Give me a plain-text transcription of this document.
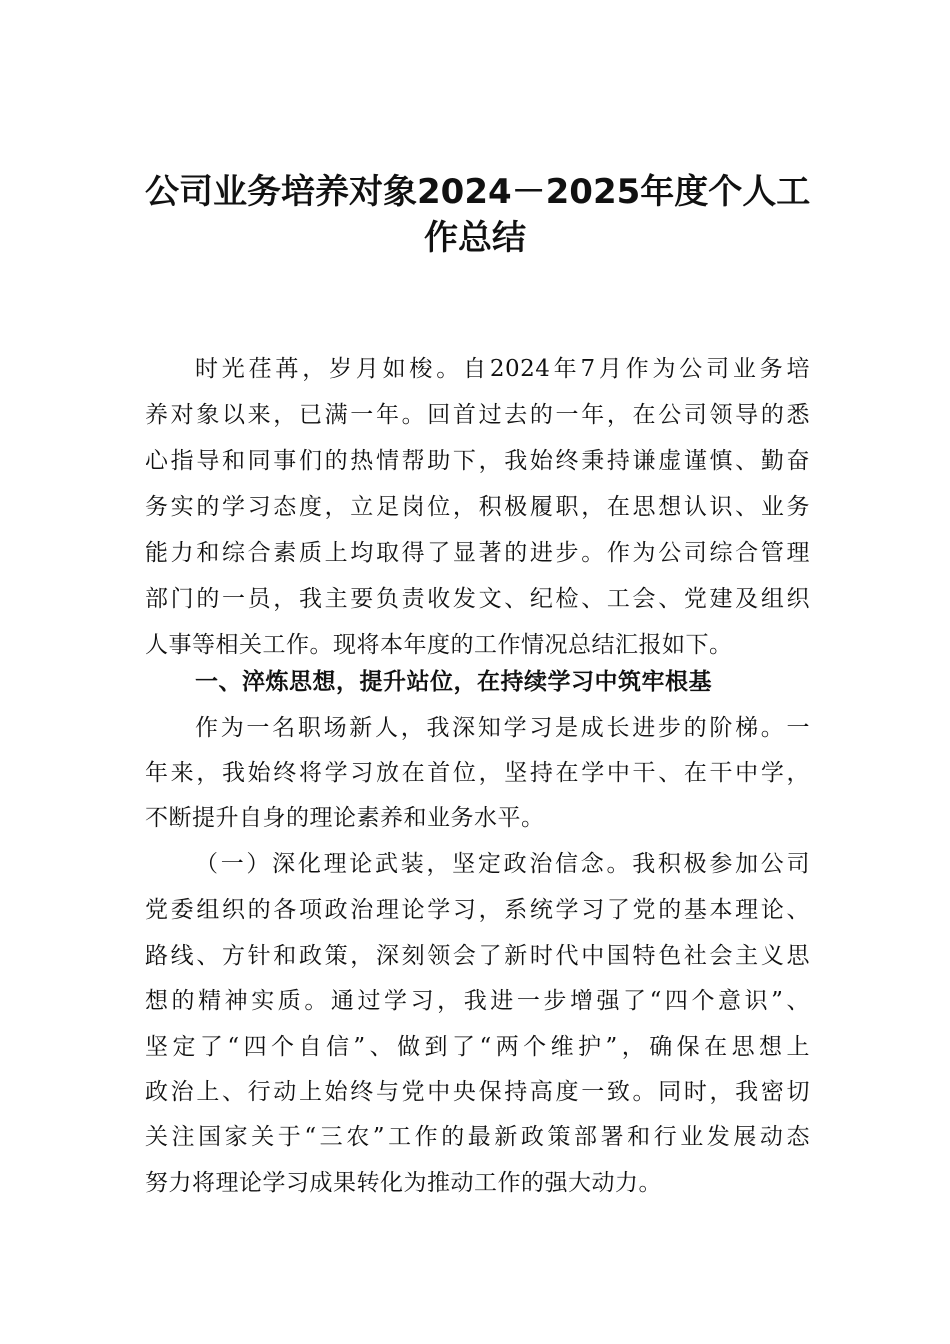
公司业务培养对象2024－2025年度个人工
作总结
时光荏苒，岁月如梭。自2024年7月作为公司业务培
养对象以来，已满一年。回首过去的一年，在公司领导的悉
心指导和同事们的热情帮助下，我始终秉持谦虚谨慎、勤奋
务实的学习态度，立足岗位，积极履职，在思想认识、业务
能力和综合素质上均取得了显著的进步。作为公司综合管理
部门的一员，我主要负责收发文、纪检、工会、党建及组织
人事等相关工作。现将本年度的工作情况总结汇报如下。
一、淬炼思想，提升站位，在持续学习中筑牢根基
作为一名职场新人，我深知学习是成长进步的阶梯。一
年来，我始终将学习放在首位，坚持在学中干、在干中学，
不断提升自身的理论素养和业务水平。
（一）深化理论武装，坚定政治信念。我积极参加公司
党委组织的各项政治理论学习，系统学习了党的基本理论、
路线、方针和政策，深刻领会了新时代中国特色社会主义思
想的精神实质。通过学习，我进一步增强了“四个意识”、
坚定了“四个自信”、做到了“两个维护”，确保在思想上
政治上、行动上始终与党中央保持高度一致。同时，我密切
关注国家关于“三农”工作的最新政策部署和行业发展动态
努力将理论学习成果转化为推动工作的强大动力。
